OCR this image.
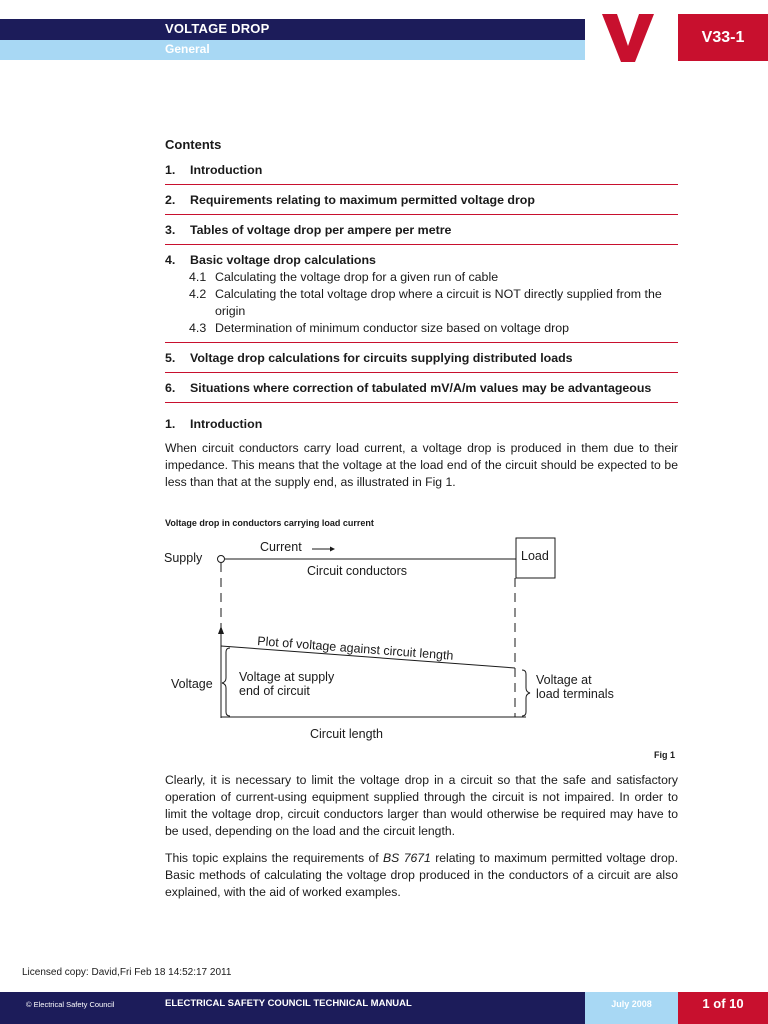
VOLTAGE DROP
General
V33-1
Contents
1.	Introduction
2.	Requirements relating to maximum permitted voltage drop
3.	Tables of voltage drop per ampere per metre
4.	Basic voltage drop calculations
4.1 Calculating the voltage drop for a given run of cable
4.2 Calculating the total voltage drop where a circuit is NOT directly supplied from the origin
4.3 Determination of minimum conductor size based on voltage drop
5.	Voltage drop calculations for circuits supplying distributed loads
6.	Situations where correction of tabulated mV/A/m values may be advantageous
1.	Introduction

When circuit conductors carry load current, a voltage drop is produced in them due to their impedance. This means that the voltage at the load end of the circuit should be expected to be less than that at the supply end, as illustrated in Fig 1.

Voltage drop in conductors carrying load current
Supply
Current
Load
Circuit conductors
Plot of voltage against circuit length
Voltage Voltage at supply
end of circuit
Voltage at
load terminals
Circuit length
Fig 1

Clearly, it is necessary to limit the voltage drop in a circuit so that the safe and satisfactory operation of current-using equipment supplied through the circuit is not impaired. In order to limit the voltage drop, circuit conductors larger than would otherwise be required may have to be used, depending on the load and the circuit length.

This topic explains the requirements of BS 7671 relating to maximum permitted voltage drop. Basic methods of calculating the voltage drop produced in the conductors of a circuit are also explained, with the aid of worked examples.

Licensed copy: David,Fri Feb 18 14:52:17 2011
© Electrical Safety Council	ELECTRICAL SAFETY COUNCIL TECHNICAL MANUAL	July 2008	1 of 10
